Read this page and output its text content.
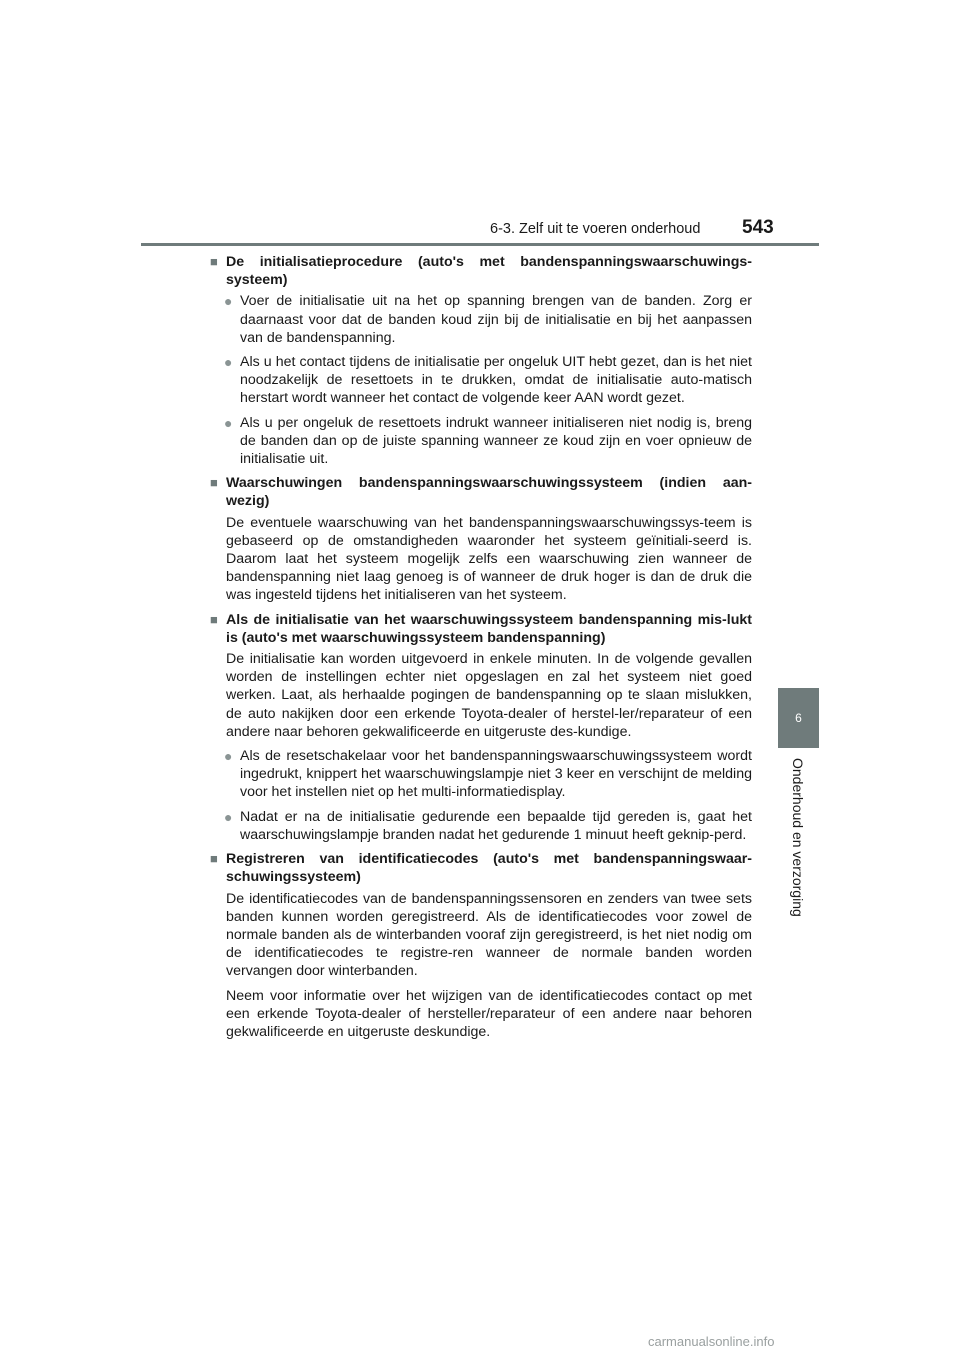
6-3. Zelf uit te voeren onderhoud 543
6
Onderhoud en verzorging
■ De initialisatieprocedure (auto's met bandenspanningswaarschuwings-systeem)
● Voer de initialisatie uit na het op spanning brengen van de banden. Zorg er daarnaast voor dat de banden koud zijn bij de initialisatie en bij het aanpassen van de bandenspanning.
● Als u het contact tijdens de initialisatie per ongeluk UIT hebt gezet, dan is het niet noodzakelijk de resettoets in te drukken, omdat de initialisatie auto-matisch herstart wordt wanneer het contact de volgende keer AAN wordt gezet.
● Als u per ongeluk de resettoets indrukt wanneer initialiseren niet nodig is, breng de banden dan op de juiste spanning wanneer ze koud zijn en voer opnieuw de initialisatie uit.
■ Waarschuwingen bandenspanningswaarschuwingssysteem (indien aan-wezig)
De eventuele waarschuwing van het bandenspanningswaarschuwingssys-teem is gebaseerd op de omstandigheden waaronder het systeem geïnitiali-seerd is. Daarom laat het systeem mogelijk zelfs een waarschuwing zien wanneer de bandenspanning niet laag genoeg is of wanneer de druk hoger is dan de druk die was ingesteld tijdens het initialiseren van het systeem.
■ Als de initialisatie van het waarschuwingssysteem bandenspanning mis-lukt is (auto's met waarschuwingssysteem bandenspanning)
De initialisatie kan worden uitgevoerd in enkele minuten. In de volgende gevallen worden de instellingen echter niet opgeslagen en zal het systeem niet goed werken. Laat, als herhaalde pogingen de bandenspanning op te slaan mislukken, de auto nakijken door een erkende Toyota-dealer of herstel-ler/reparateur of een andere naar behoren gekwalificeerde en uitgeruste des-kundige.
● Als de resetschakelaar voor het bandenspanningswaarschuwingssysteem wordt ingedrukt, knippert het waarschuwingslampje niet 3 keer en verschijnt de melding voor het instellen niet op het multi-informatiedisplay.
● Nadat er na de initialisatie gedurende een bepaalde tijd gereden is, gaat het waarschuwingslampje branden nadat het gedurende 1 minuut heeft geknip-perd.
■ Registreren van identificatiecodes (auto's met bandenspanningswaar-schuwingssysteem)
De identificatiecodes van de bandenspanningssensoren en zenders van twee sets banden kunnen worden geregistreerd. Als de identificatiecodes voor zowel de normale banden als de winterbanden vooraf zijn geregistreerd, is het niet nodig om de identificatiecodes te registre-ren wanneer de normale banden worden vervangen door winterbanden.
Neem voor informatie over het wijzigen van de identificatiecodes contact op met een erkende Toyota-dealer of hersteller/reparateur of een andere naar behoren gekwalificeerde en uitgeruste deskundige.
carmanualsonline.info
